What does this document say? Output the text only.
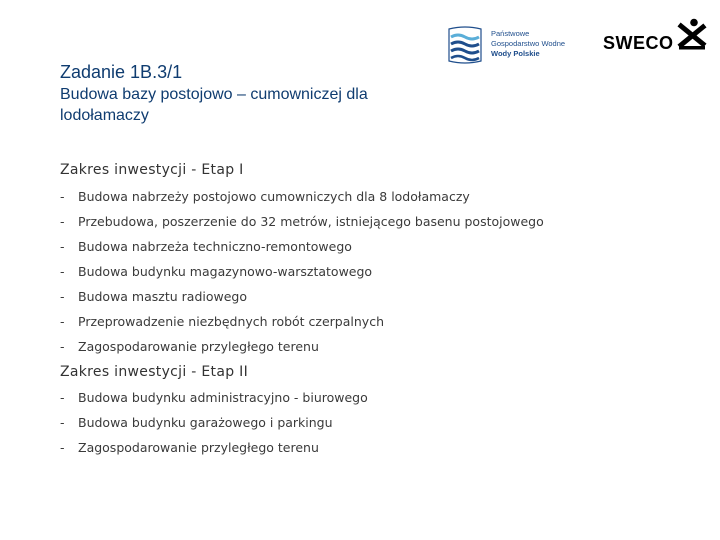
Państwowe
Gospodarstwo Wodne
Wody Polskie
SWECO
Zadanie 1B.3/1
Budowa bazy postojowo – cumowniczej dla lodołamaczy
Zakres inwestycji - Etap I
- Budowa nabrzeży postojowo cumowniczych dla 8 lodołamaczy
- Przebudowa, poszerzenie do 32 metrów, istniejącego basenu postojowego
- Budowa nabrzeża techniczno-remontowego
- Budowa budynku magazynowo-warsztatowego
- Budowa masztu radiowego
- Przeprowadzenie niezbędnych robót czerpalnych
- Zagospodarowanie przyległego terenu
Zakres inwestycji - Etap II
- Budowa budynku administracyjno - biurowego
- Budowa budynku garażowego i parkingu
- Zagospodarowanie przyległego terenu
